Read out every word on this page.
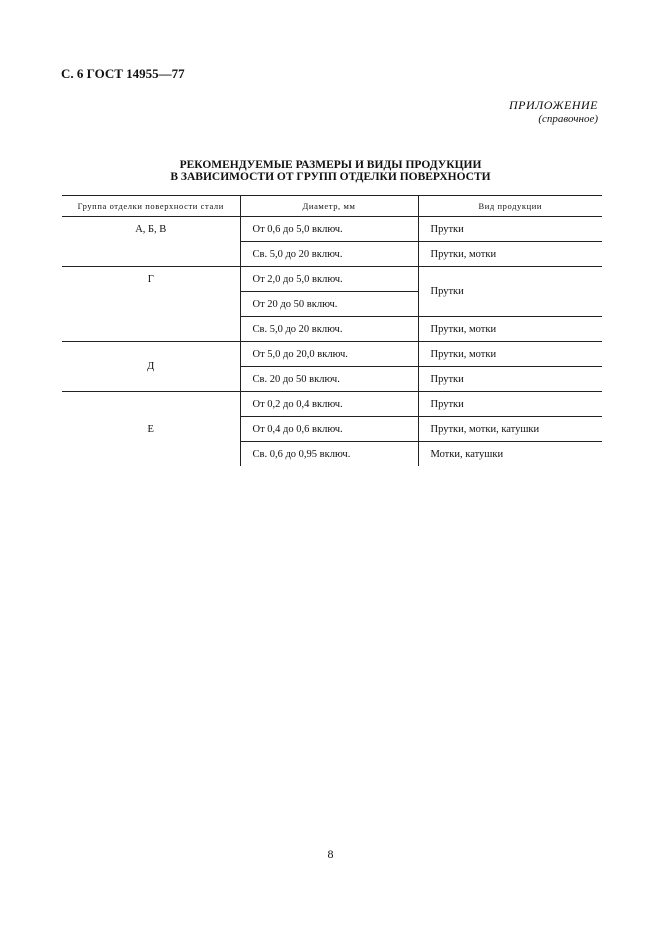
С. 6 ГОСТ 14955—77
ПРИЛОЖЕНИЕ
(справочное)
РЕКОМЕНДУЕМЫЕ РАЗМЕРЫ И ВИДЫ ПРОДУКЦИИ
В ЗАВИСИМОСТИ ОТ ГРУПП ОТДЕЛКИ ПОВЕРХНОСТИ
Группа отделки поверхности стали	Диаметр, мм	Вид продукции
А, Б, В	От 0,6 до 5,0 включ.	Прутки
	Св. 5,0 до 20 включ.	Прутки, мотки
Г	От 2,0 до 5,0 включ.	Прутки
	От 20 до 50 включ.	
	Св. 5,0 до 20 включ.	Прутки, мотки
Д	От 5,0 до 20,0 включ.	Прутки, мотки
	Св. 20 до 50 включ.	Прутки
Е	От 0,2 до 0,4 включ.	Прутки
	От 0,4 до 0,6 включ.	Прутки, мотки, катушки
	Св. 0,6 до 0,95 включ.	Мотки, катушки
8
